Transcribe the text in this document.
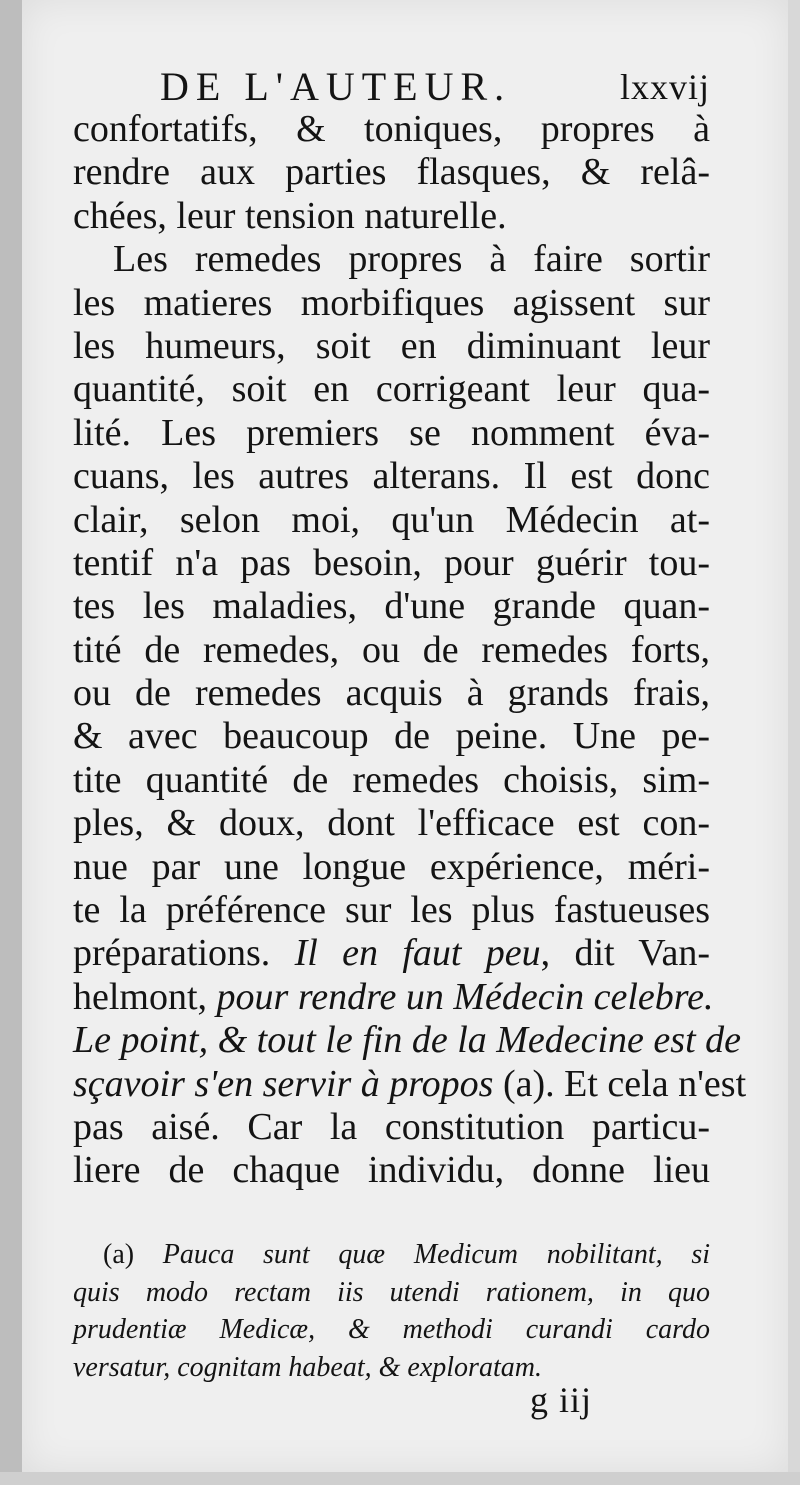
DE L'AUTEUR.	lxxvij
confortatifs, & toniques, propres à
rendre aux parties flasques, & relâ-
chées, leur tension naturelle.
Les remedes propres à faire sortir
les matieres morbifiques agissent sur
les humeurs, soit en diminuant leur
quantité, soit en corrigeant leur qua-
lité. Les premiers se nomment éva-
cuans, les autres alterans. Il est donc
clair, selon moi, qu'un Médecin at-
tentif n'a pas besoin, pour guérir tou-
tes les maladies, d'une grande quan-
tité de remedes, ou de remedes forts,
ou de remedes acquis à grands frais,
& avec beaucoup de peine. Une pe-
tite quantité de remedes choisis, sim-
ples, & doux, dont l'efficace est con-
nue par une longue expérience, méri-
te la préférence sur les plus fastueuses
préparations. Il en faut peu, dit Van-
helmont, pour rendre un Médecin celebre.
Le point, & tout le fin de la Medecine est de
sçavoir s'en servir à propos (a). Et cela n'est
pas aisé. Car la constitution particu-
liere de chaque individu, donne lieu
(a) Pauca sunt quæ Medicum nobilitant, si
quis modo rectam iis utendi rationem, in quo
prudentiæ Medicæ, & methodi curandi cardo
versatur, cognitam habeat, & exploratam.
g iij
